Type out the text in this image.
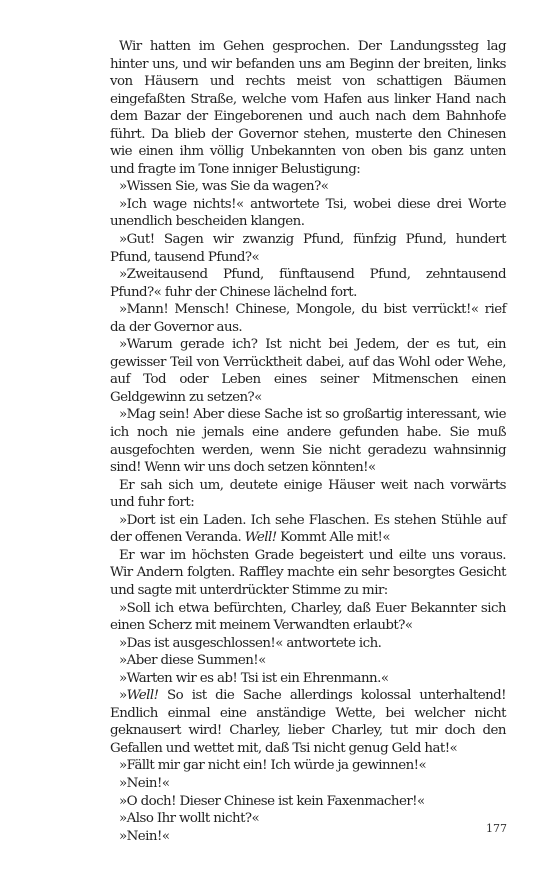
Wir hatten im Gehen gesprochen. Der Landungssteg lag hinter uns, und wir befanden uns am Beginn der breiten, links von Häusern und rechts meist von schattigen Bäumen eingefaßten Straße, welche vom Hafen aus linker Hand nach dem Bazar der Eingeborenen und auch nach dem Bahnhofe führt. Da blieb der Governor stehen, musterte den Chinesen wie einen ihm völlig Unbekannten von oben bis ganz unten und fragte im Tone inniger Belustigung:

»Wissen Sie, was Sie da wagen?«

»Ich wage nichts!« antwortete Tsi, wobei diese drei Worte unendlich bescheiden klangen.

»Gut! Sagen wir zwanzig Pfund, fünfzig Pfund, hundert Pfund, tausend Pfund?«

»Zweitausend Pfund, fünftausend Pfund, zehntausend Pfund?« fuhr der Chinese lächelnd fort.

»Mann! Mensch! Chinese, Mongole, du bist verrückt!« rief da der Governor aus.

»Warum gerade ich? Ist nicht bei Jedem, der es tut, ein gewisser Teil von Verrücktheit dabei, auf das Wohl oder Wehe, auf Tod oder Leben eines seiner Mitmenschen einen Geldgewinn zu setzen?«

»Mag sein! Aber diese Sache ist so großartig interessant, wie ich noch nie jemals eine andere gefunden habe. Sie muß ausgefochten werden, wenn Sie nicht geradezu wahnsinnig sind! Wenn wir uns doch setzen könnten!«

Er sah sich um, deutete einige Häuser weit nach vorwärts und fuhr fort:

»Dort ist ein Laden. Ich sehe Flaschen. Es stehen Stühle auf der offenen Veranda. Well! Kommt Alle mit!«

Er war im höchsten Grade begeistert und eilte uns voraus. Wir Andern folgten. Raffley machte ein sehr besorgtes Gesicht und sagte mit unterdrückter Stimme zu mir:

»Soll ich etwa befürchten, Charley, daß Euer Bekannter sich einen Scherz mit meinem Verwandten erlaubt?«

»Das ist ausgeschlossen!« antwortete ich.

»Aber diese Summen!«

»Warten wir es ab! Tsi ist ein Ehrenmann.«

»Well! So ist die Sache allerdings kolossal unterhaltend! Endlich einmal eine anständige Wette, bei welcher nicht geknausert wird! Charley, lieber Charley, tut mir doch den Gefallen und wettet mit, daß Tsi nicht genug Geld hat!«

»Fällt mir gar nicht ein! Ich würde ja gewinnen!«

»Nein!«

»O doch! Dieser Chinese ist kein Faxenmacher!«

»Also Ihr wollt nicht?«

»Nein!«

177
